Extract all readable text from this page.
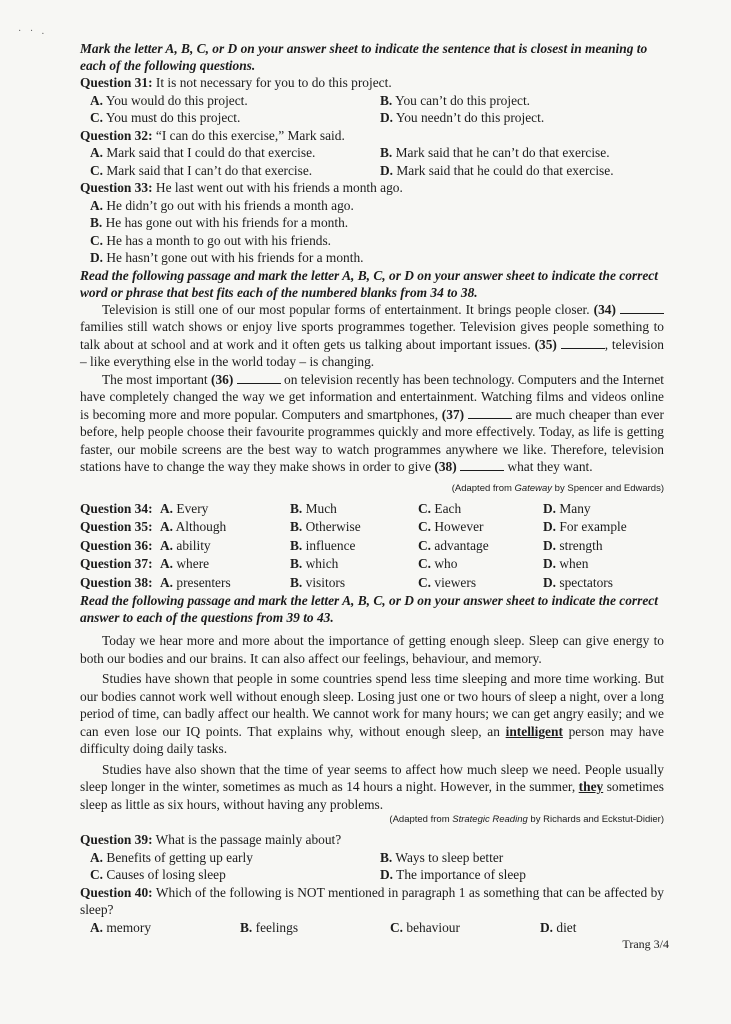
· · .

Mark the letter A, B, C, or D on your answer sheet to indicate the sentence that is closest in meaning to each of the following questions.

Question 31: It is not necessary for you to do this project.

A. You would do this project.	B. You can’t do this project.
C. You must do this project.	D. You needn’t do this project.

Question 32: “I can do this exercise,” Mark said.

A. Mark said that I could do that exercise.	B. Mark said that he can’t do that exercise.
C. Mark said that I can’t do that exercise.	D. Mark said that he could do that exercise.

Question 33: He last went out with his friends a month ago.

A. He didn’t go out with his friends a month ago.
B. He has gone out with his friends for a month.
C. He has a month to go out with his friends.
D. He hasn’t gone out with his friends for a month.

Read the following passage and mark the letter A, B, C, or D on your answer sheet to indicate the correct word or phrase that best fits each of the numbered blanks from 34 to 38.

Television is still one of our most popular forms of entertainment. It brings people closer. (34)  families still watch shows or enjoy live sports programmes together. Television gives people something to talk about at school and at work and it often gets us talking about important issues. (35)	, television – like everything else in the world today – is changing.

The most important (36)	on television recently has been technology. Computers and the Internet have completely changed the way we get information and entertainment. Watching films and videos online is becoming more and more popular. Computers and smartphones, (37)	are much cheaper than ever before, help people choose their favourite programmes quickly and more effectively. Today, as life is getting faster, our mobile screens are the best way to watch programmes anywhere we like. Therefore, television stations have to change the way they make shows in order to give (38)	what they want.

(Adapted from Gateway by Spencer and Edwards)
Question 34: A. Every	B. Much	C. Each	D. Many
Question 35: A. Although	B. Otherwise	C. However	D. For example
Question 36: A. ability	B. influence	C. advantage	D. strength
Question 37: A. where	B. which	C. who	D. when
Question 38: A. presenters	B. visitors	C. viewers	D. spectators

Read the following passage and mark the letter A, B, C, or D on your answer sheet to indicate the correct answer to each of the questions from 39 to 43.

Today we hear more and more about the importance of getting enough sleep. Sleep can give energy to both our bodies and our brains. It can also affect our feelings, behaviour, and memory.

Studies have shown that people in some countries spend less time sleeping and more time working. But our bodies cannot work well without enough sleep. Losing just one or two hours of sleep a night, over a long period of time, can badly affect our health. We cannot work for many hours; we can get angry easily; and we can even lose our IQ points. That explains why, without enough sleep, an intelligent person may have difficulty doing daily tasks.

Studies have also shown that the time of year seems to affect how much sleep we need. People usually sleep longer in the winter, sometimes as much as 14 hours a night. However, in the summer, they sometimes sleep as little as six hours, without having any problems.

(Adapted from Strategic Reading by Richards and Eckstut-Didier)

Question 39: What is the passage mainly about?

A. Benefits of getting up early	B. Ways to sleep better
C. Causes of losing sleep	D. The importance of sleep

Question 40: Which of the following is NOT mentioned in paragraph 1 as something that can be affected by sleep?

A. memory	B. feelings	C. behaviour	D. diet
Trang 3/4
